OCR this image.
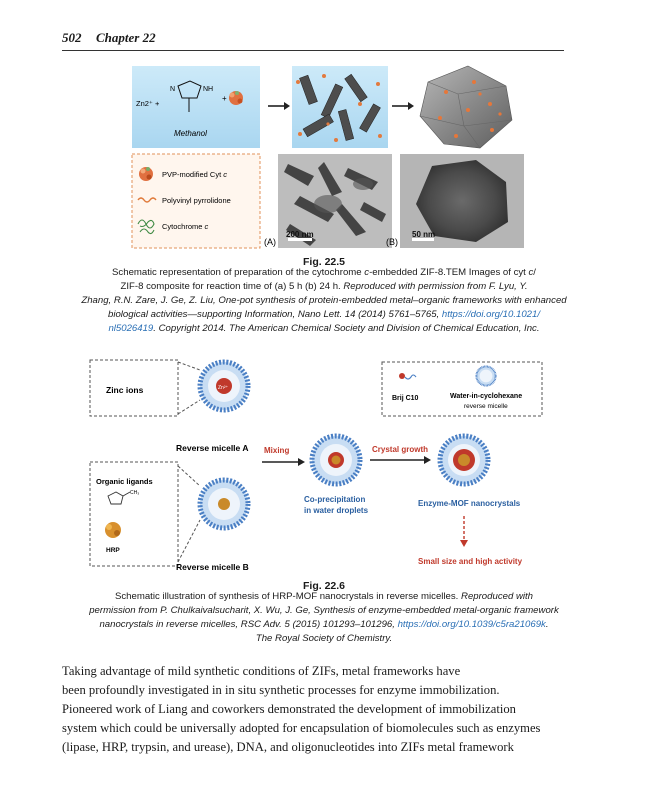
502 Chapter 22
Zn2⁺ +
N	NH
+
Methanol
PVP-modified Cyt c
Polyvinyl pyrrolidone
Cytochrome c
(A)
200 nm
(B)
50 nm
Fig. 22.5
Schematic representation of preparation of the cytochrome c-embedded ZIF-8.TEM Images of cyt c/
ZIF-8 composite for reaction time of (a) 5 h (b) 24 h. Reproduced with permission from F. Lyu, Y.
Zhang, R.N. Zare, J. Ge, Z. Liu, One-pot synthesis of protein-embedded metal–organic frameworks with enhanced
biological activities—supporting Information, Nano Lett. 14 (2014) 5761–5765, https://doi.org/10.1021/
nl5026419. Copyright 2014. The American Chemical Society and Division of Chemical Education, Inc.
Zinc ions	Zn²⁺
Reverse micelle A
Organic ligands
CH₃
HRP
Reverse micelle B
Mixing
Co-precipitation
in water droplets
Crystal growth
Enzyme-MOF nanocrystals
Small size and high activity
Brij C10	Water-in-cyclohexane
reverse micelle
Fig. 22.6
Schematic illustration of synthesis of HRP-MOF nanocrystals in reverse micelles. Reproduced with
permission from P. Chulkaivalsucharit, X. Wu, J. Ge, Synthesis of enzyme-embedded metal-organic framework
nanocrystals in reverse micelles, RSC Adv. 5 (2015) 101293–101296, https://doi.org/10.1039/c5ra21069k.
The Royal Society of Chemistry.
Taking advantage of mild synthetic conditions of ZIFs, metal frameworks have
been profoundly investigated in in situ synthetic processes for enzyme immobilization.
Pioneered work of Liang and coworkers demonstrated the development of immobilization
system which could be universally adopted for encapsulation of biomolecules such as enzymes
(lipase, HRP, trypsin, and urease), DNA, and oligonucleotides into ZIFs metal framework
